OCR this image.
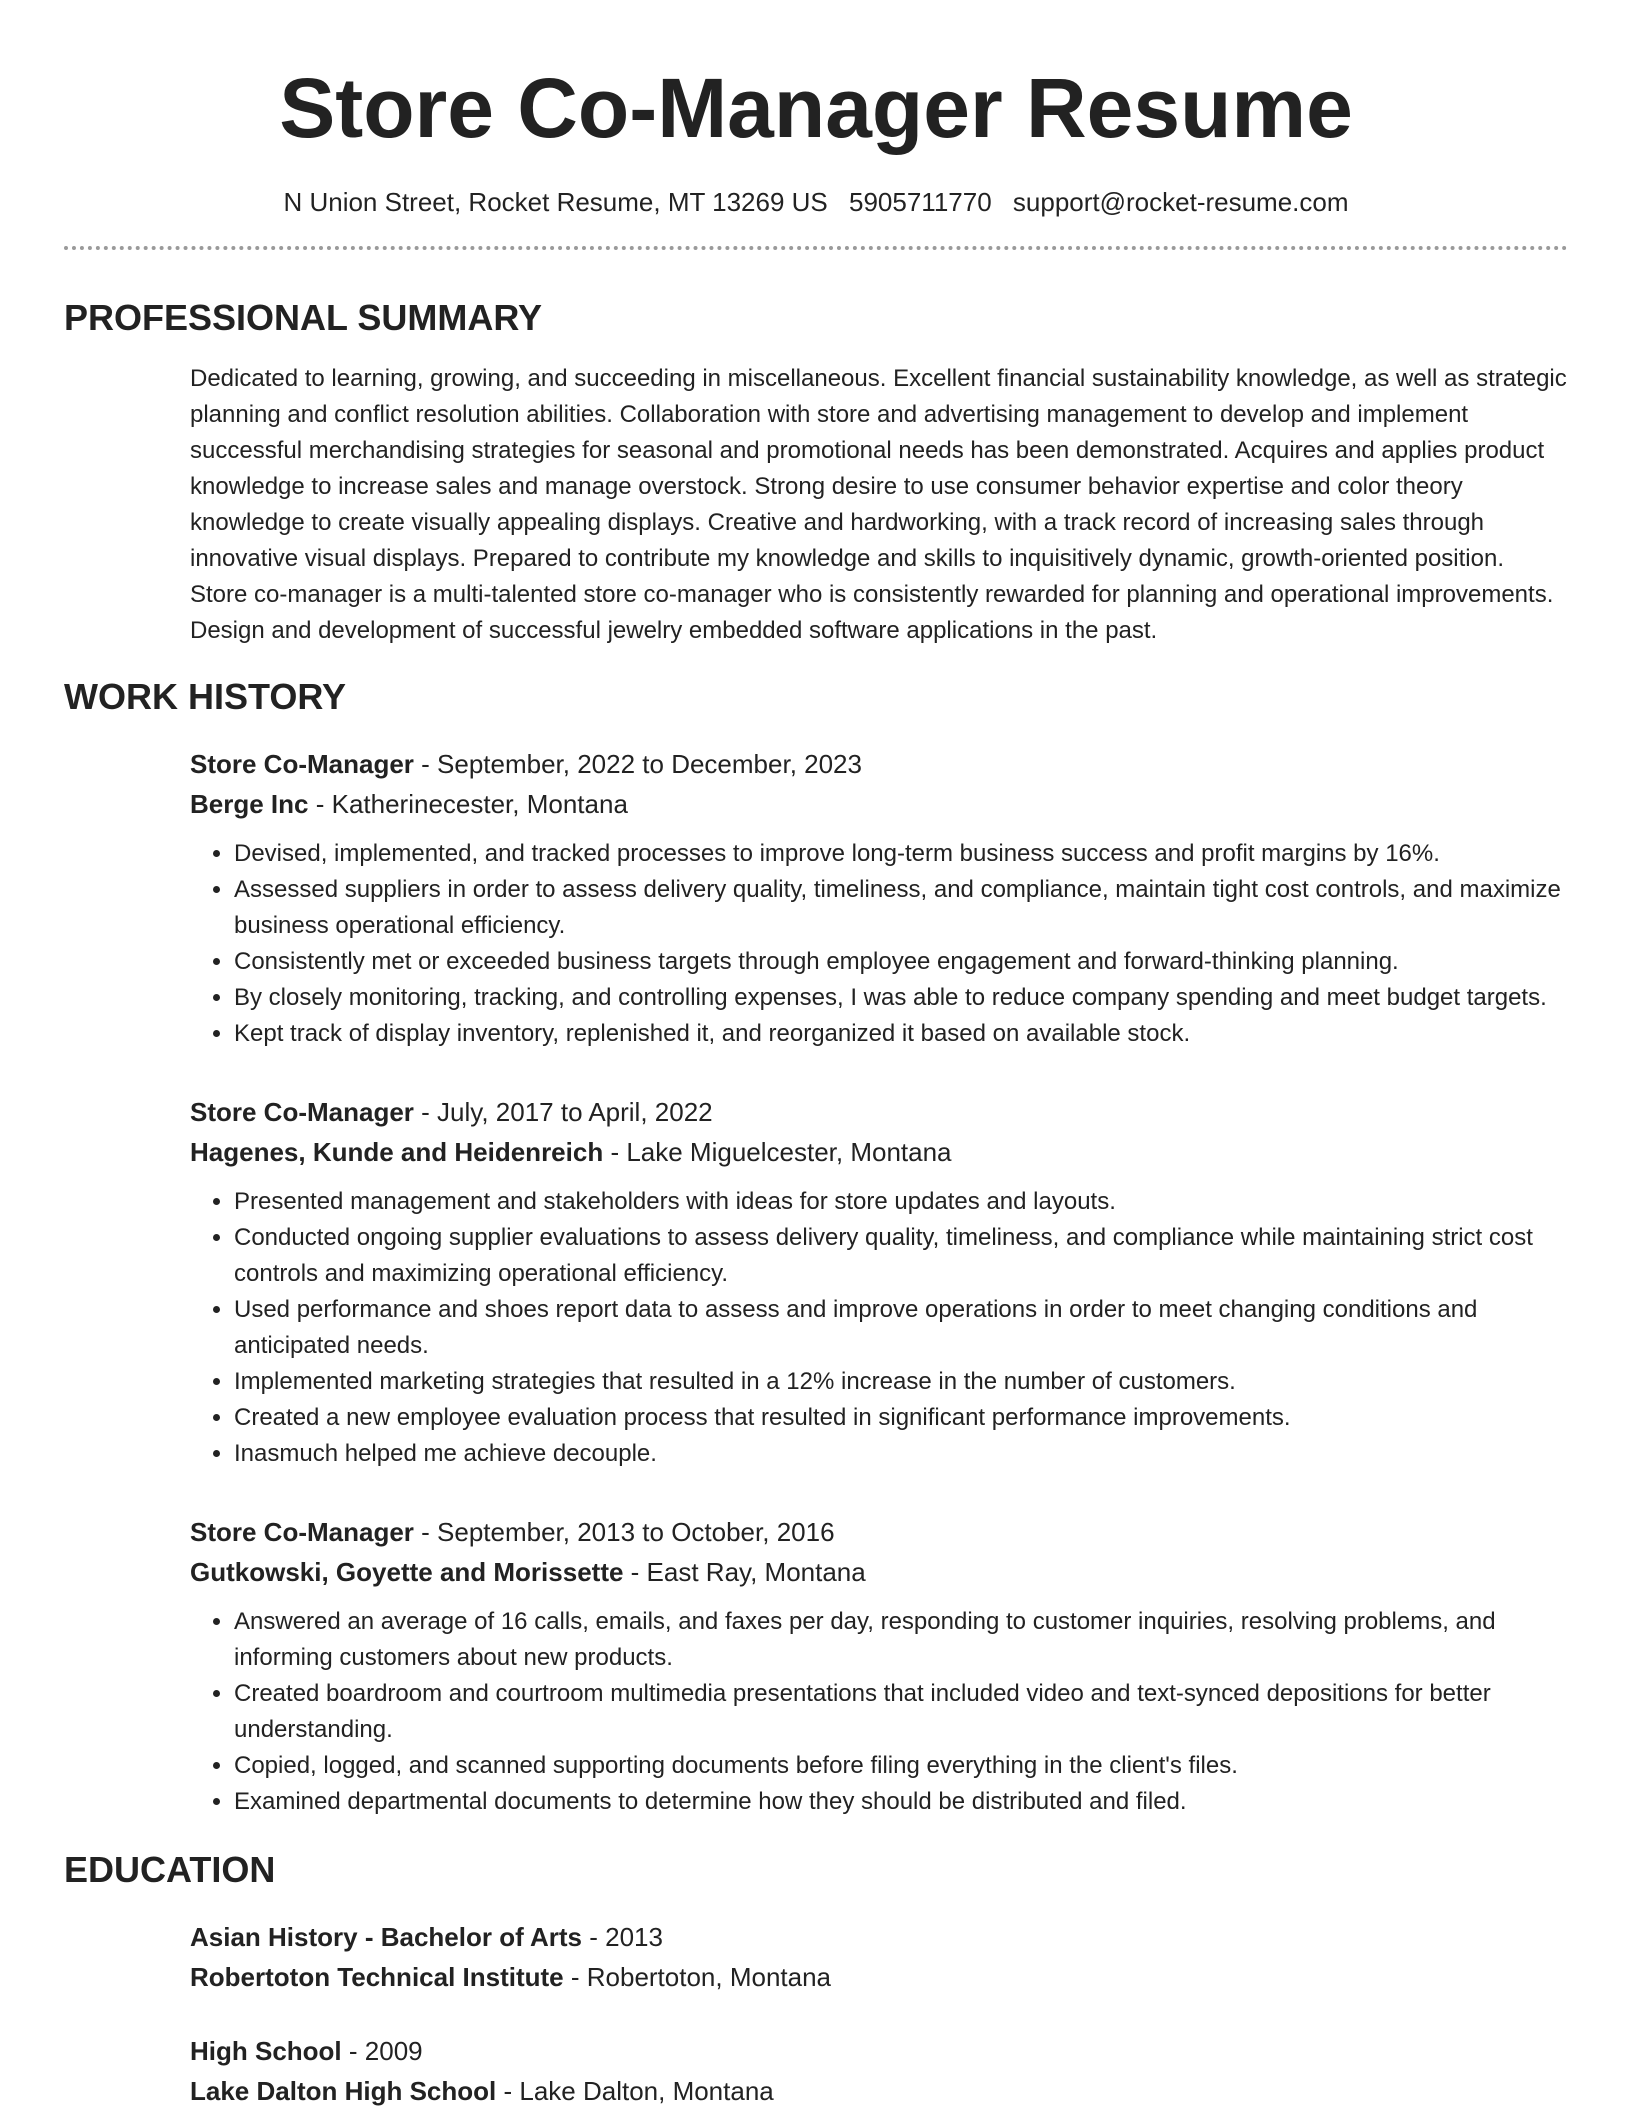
Store Co-Manager Resume
N Union Street, Rocket Resume, MT 13269 US 5905711770 support@rocket-resume.com
PROFESSIONAL SUMMARY

Dedicated to learning, growing, and succeeding in miscellaneous. Excellent financial sustainability knowledge, as well as strategic planning and conflict resolution abilities. Collaboration with store and advertising management to develop and implement successful merchandising strategies for seasonal and promotional needs has been demonstrated. Acquires and applies product knowledge to increase sales and manage overstock. Strong desire to use consumer behavior expertise and color theory knowledge to create visually appealing displays. Creative and hardworking, with a track record of increasing sales through innovative visual displays. Prepared to contribute my knowledge and skills to inquisitively dynamic, growth-oriented position. Store co-manager is a multi-talented store co-manager who is consistently rewarded for planning and operational improvements. Design and development of successful jewelry embedded software applications in the past.

WORK HISTORY
Store Co-Manager - September, 2022 to December, 2023
Berge Inc - Katherinecester, Montana
• Devised, implemented, and tracked processes to improve long-term business success and profit margins by 16%.
• Assessed suppliers in order to assess delivery quality, timeliness, and compliance, maintain tight cost controls, and maximize business operational efficiency.
• Consistently met or exceeded business targets through employee engagement and forward-thinking planning.
• By closely monitoring, tracking, and controlling expenses, I was able to reduce company spending and meet budget targets.
• Kept track of display inventory, replenished it, and reorganized it based on available stock.
Store Co-Manager - July, 2017 to April, 2022
Hagenes, Kunde and Heidenreich - Lake Miguelcester, Montana
• Presented management and stakeholders with ideas for store updates and layouts.
• Conducted ongoing supplier evaluations to assess delivery quality, timeliness, and compliance while maintaining strict cost controls and maximizing operational efficiency.
• Used performance and shoes report data to assess and improve operations in order to meet changing conditions and anticipated needs.
• Implemented marketing strategies that resulted in a 12% increase in the number of customers.
• Created a new employee evaluation process that resulted in significant performance improvements.
• Inasmuch helped me achieve decouple.
Store Co-Manager - September, 2013 to October, 2016
Gutkowski, Goyette and Morissette - East Ray, Montana
• Answered an average of 16 calls, emails, and faxes per day, responding to customer inquiries, resolving problems, and informing customers about new products.
• Created boardroom and courtroom multimedia presentations that included video and text-synced depositions for better understanding.
• Copied, logged, and scanned supporting documents before filing everything in the client's files.
• Examined departmental documents to determine how they should be distributed and filed.
EDUCATION
Asian History - Bachelor of Arts - 2013
Robertoton Technical Institute - Robertoton, Montana
High School - 2009
Lake Dalton High School - Lake Dalton, Montana
